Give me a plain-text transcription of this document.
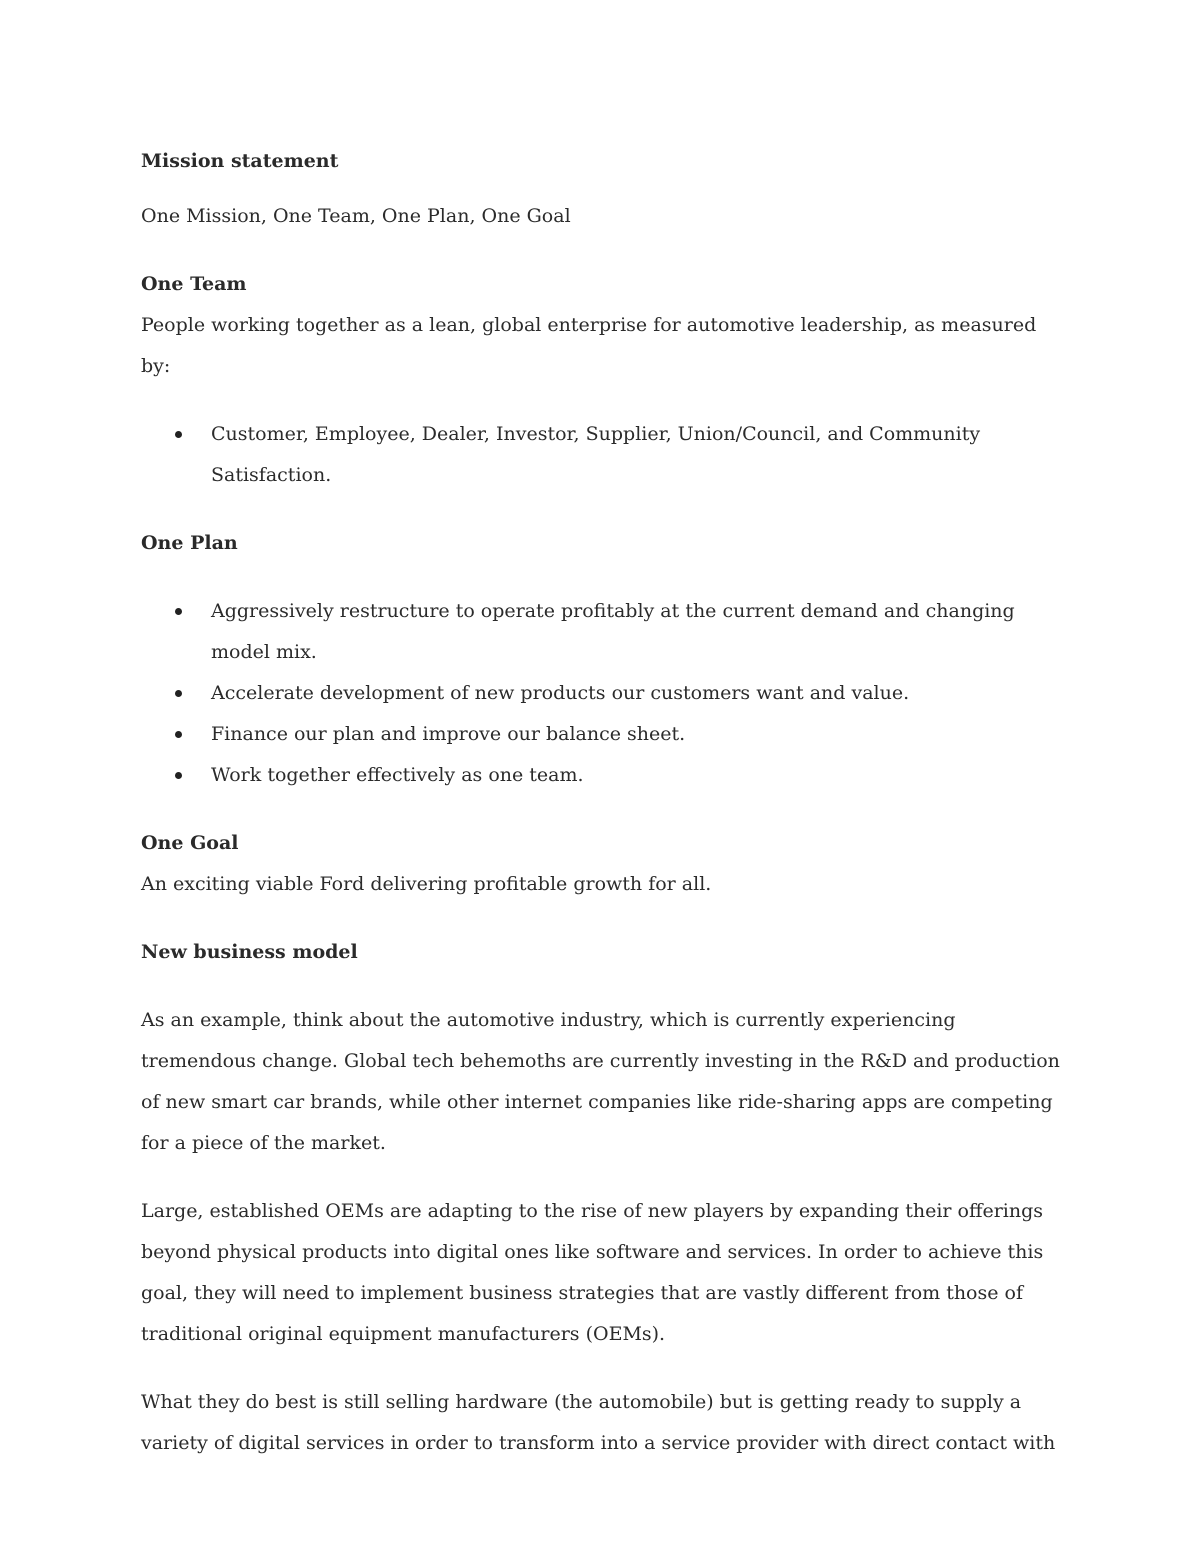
Mission statement

One Mission, One Team, One Plan, One Goal

One Team

People working together as a lean, global enterprise for automotive leadership, as measured by:

Customer, Employee, Dealer, Investor, Supplier, Union/Council, and Community Satisfaction.

One Plan

Aggressively restructure to operate profitably at the current demand and changing model mix.
Accelerate development of new products our customers want and value.
Finance our plan and improve our balance sheet.
Work together effectively as one team.

One Goal

An exciting viable Ford delivering profitable growth for all.

New business model

As an example, think about the automotive industry, which is currently experiencing tremendous change. Global tech behemoths are currently investing in the R&D and production of new smart car brands, while other internet companies like ride-sharing apps are competing for a piece of the market.

Large, established OEMs are adapting to the rise of new players by expanding their offerings beyond physical products into digital ones like software and services. In order to achieve this goal, they will need to implement business strategies that are vastly different from those of traditional original equipment manufacturers (OEMs).

What they do best is still selling hardware (the automobile) but is getting ready to supply a variety of digital services in order to transform into a service provider with direct contact with
